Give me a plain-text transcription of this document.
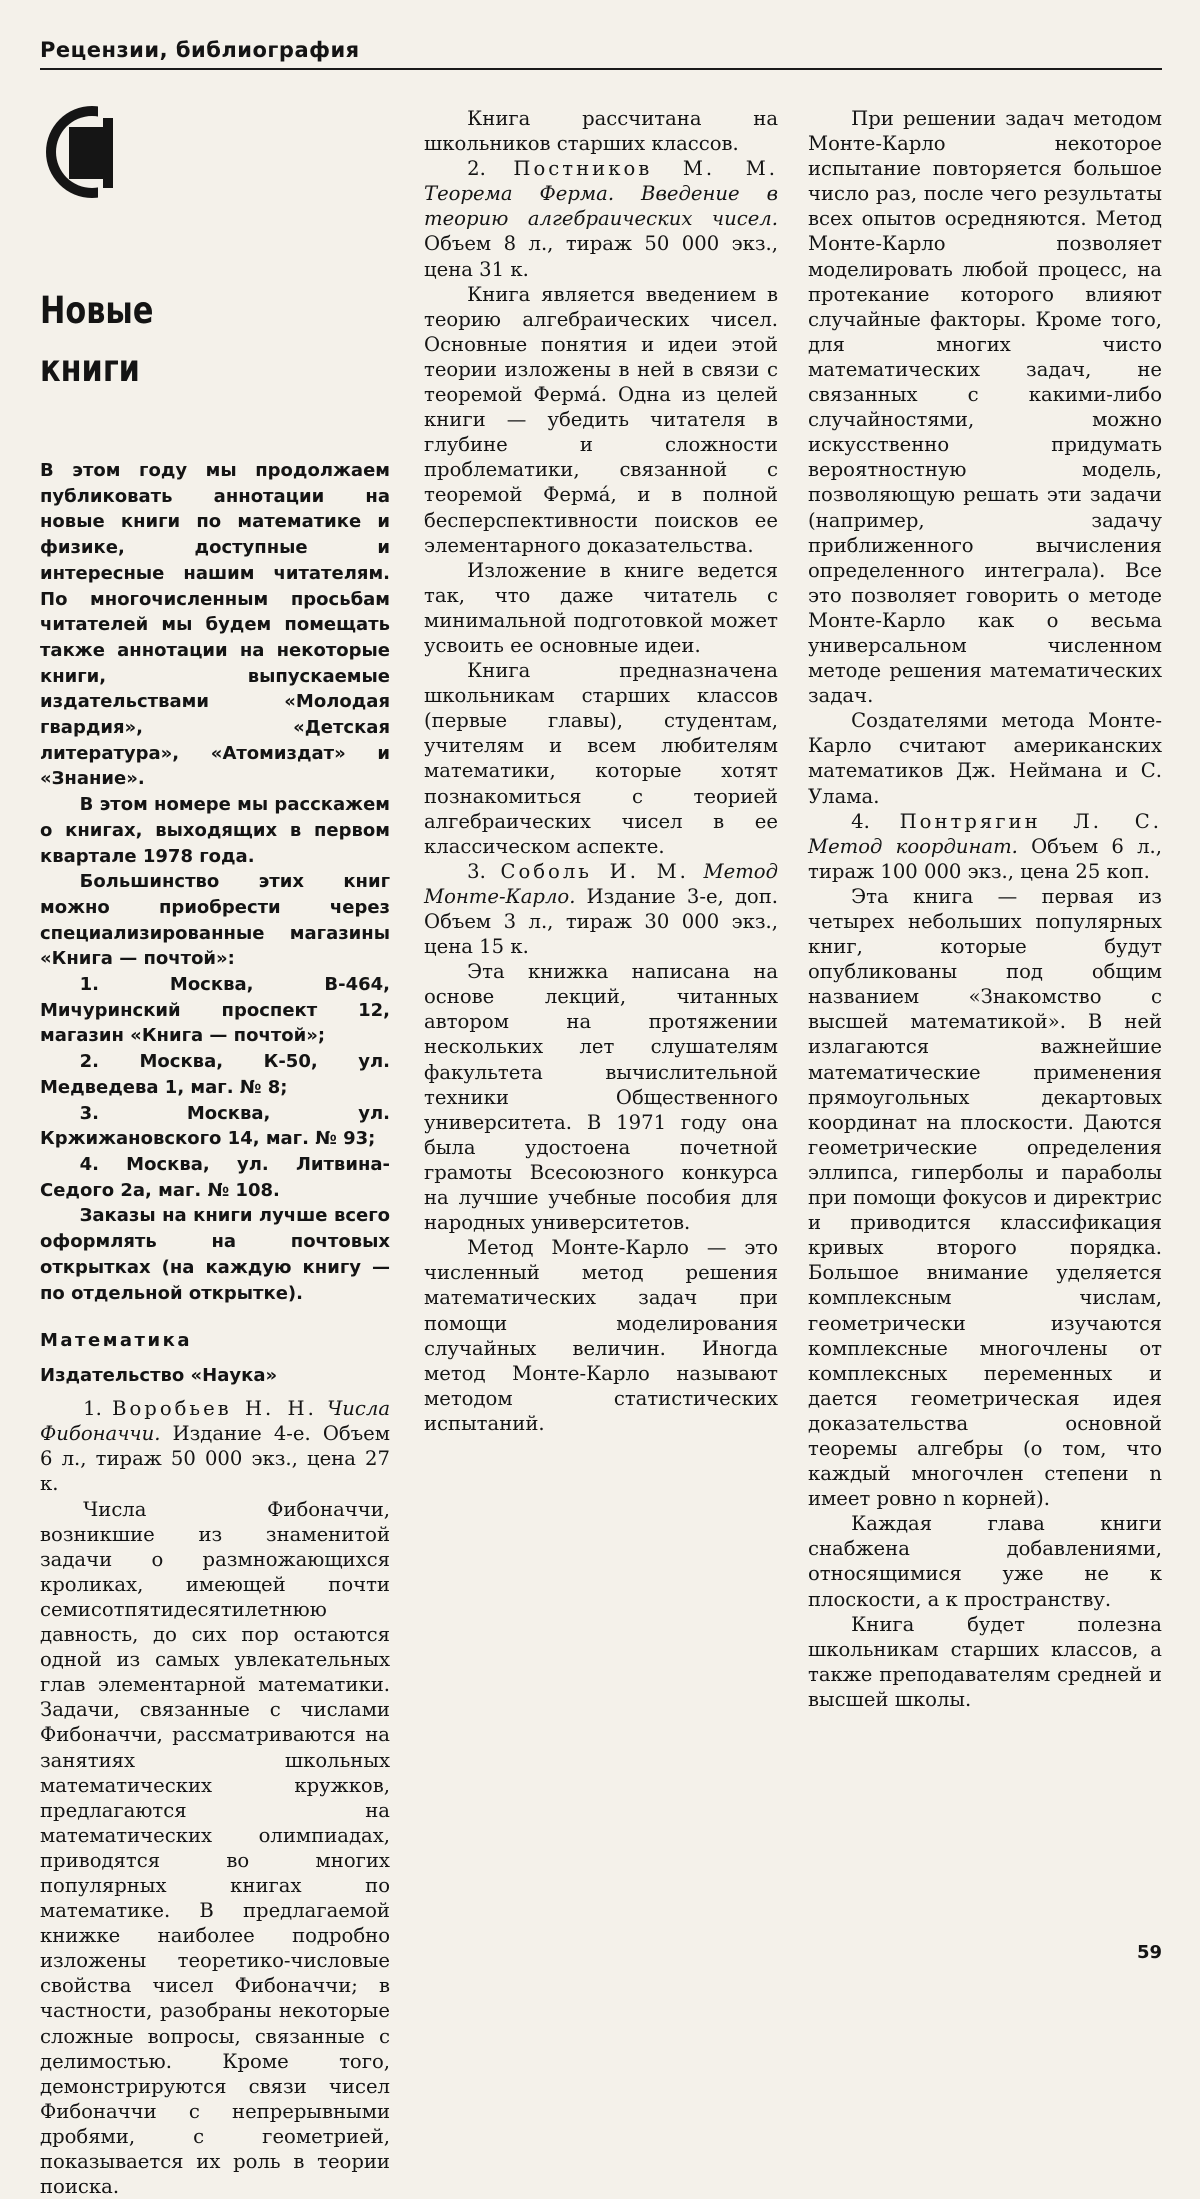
Рецензии, библиография
Новые
книги

В этом году мы продолжаем публиковать аннотации на новые книги по математике и физике, доступные и интересные нашим читателям. По многочисленным просьбам читателей мы будем помещать также аннотации на некоторые книги, выпускаемые издательствами «Молодая гвардия», «Детская литература», «Атомиздат» и «Знание».

В этом номере мы расскажем о книгах, выходящих в первом квартале 1978 года.

Большинство этих книг можно приобрести через специализированные магазины «Книга — почтой»:

1. Москва, В-464, Мичуринский проспект 12, магазин «Книга — почтой»;

2. Москва, К-50, ул. Медведева 1, маг. № 8;

3. Москва, ул. Кржижановского 14, маг. № 93;

4. Москва, ул. Литвина-Седого 2а, маг. № 108.

Заказы на книги лучше всего оформлять на почтовых открытках (на каждую книгу — по отдельной открытке).

Математика
Издательство «Наука»

1. Воробьев Н. Н. Числа Фибоначчи. Издание 4-е. Объем 6 л., тираж 50 000 экз., цена 27 к.

Числа Фибоначчи, возникшие из знаменитой задачи о размножающихся кроликах, имеющей почти семисотпятидесятилетнюю давность, до сих пор остаются одной из самых увлекательных глав элементарной математики. Задачи, связанные с числами Фибоначчи, рассматриваются на занятиях школьных математических кружков, предлагаются на математических олимпиадах, приводятся во многих популярных книгах по математике. В предлагаемой книжке наиболее подробно изложены теоретико-числовые свойства чисел Фибоначчи; в частности, разобраны некоторые сложные вопросы, связанные с делимостью. Кроме того, демонстрируются связи чисел Фибоначчи с непрерывными дробями, с геометрией, показывается их роль в теории поиска.

Книга рассчитана на школьников старших классов.

2. Постников М. М. Теорема Ферма. Введение в теорию алгебраических чисел. Объем 8 л., тираж 50 000 экз., цена 31 к.

Книга является введением в теорию алгебраических чисел. Основные понятия и идеи этой теории изложены в ней в связи с теоремой Ферма́. Одна из целей книги — убедить читателя в глубине и сложности проблематики, связанной с теоремой Ферма́, и в полной бесперспективности поисков ее элементарного доказательства.

Изложение в книге ведется так, что даже читатель с минимальной подготовкой может усвоить ее основные идеи.

Книга предназначена школьникам старших классов (первые главы), студентам, учителям и всем любителям математики, которые хотят познакомиться с теорией алгебраических чисел в ее классическом аспекте.

3. Соболь И. М. Метод Монте-Карло. Издание 3-е, доп. Объем 3 л., тираж 30 000 экз., цена 15 к.

Эта книжка написана на основе лекций, читанных автором на протяжении нескольких лет слушателям факультета вычислительной техники Общественного университета. В 1971 году она была удостоена почетной грамоты Всесоюзного конкурса на лучшие учебные пособия для народных университетов.

Метод Монте-Карло — это численный метод решения математических задач при помощи моделирования случайных величин. Иногда метод Монте-Карло называют методом статистических испытаний.

При решении задач методом Монте-Карло некоторое испытание повторяется большое число раз, после чего результаты всех опытов осредняются. Метод Монте-Карло позволяет моделировать любой процесс, на протекание которого влияют случайные факторы. Кроме того, для многих чисто математических задач, не связанных с какими-либо случайностями, можно искусственно придумать вероятностную модель, позволяющую решать эти задачи (например, задачу приближенного вычисления определенного интеграла). Все это позволяет говорить о методе Монте-Карло как о весьма универсальном численном методе решения математических задач.

Создателями метода Монте-Карло считают американских математиков Дж. Неймана и С. Улама.

4. Понтрягин Л. С. Метод координат. Объем 6 л., тираж 100 000 экз., цена 25 коп.

Эта книга — первая из четырех небольших популярных книг, которые будут опубликованы под общим названием «Знакомство с высшей математикой». В ней излагаются важнейшие математические применения прямоугольных декартовых координат на плоскости. Даются геометрические определения эллипса, гиперболы и параболы при помощи фокусов и директрис и приводится классификация кривых второго порядка. Большое внимание уделяется комплексным числам, геометрически изучаются комплексные многочлены от комплексных переменных и дается геометрическая идея доказательства основной теоремы алгебры (о том, что каждый многочлен степени n имеет ровно n корней).

Каждая глава книги снабжена добавлениями, относящимися уже не к плоскости, а к пространству.

Книга будет полезна школьникам старших классов, а также преподавателям средней и высшей школы.

59
